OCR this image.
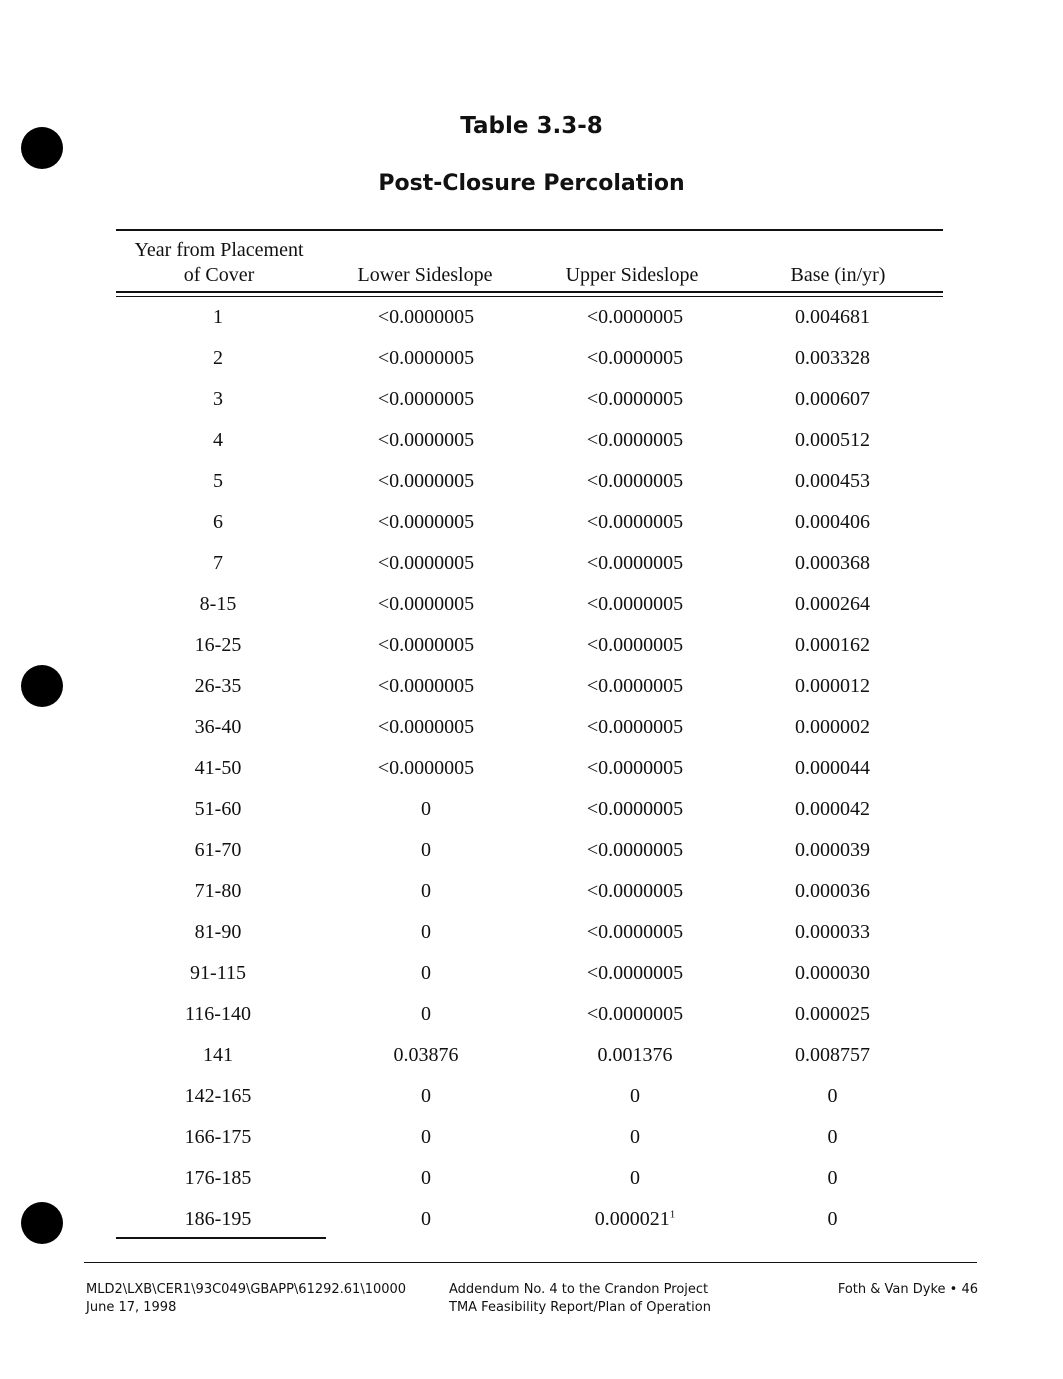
Table 3.3-8
Post-Closure Percolation
Year from Placement
of Cover	Lower Sideslope	Upper Sideslope	Base (in/yr)
1	<0.0000005	<0.0000005	0.004681
2	<0.0000005	<0.0000005	0.003328
3	<0.0000005	<0.0000005	0.000607
4	<0.0000005	<0.0000005	0.000512
5	<0.0000005	<0.0000005	0.000453
6	<0.0000005	<0.0000005	0.000406
7	<0.0000005	<0.0000005	0.000368
8-15	<0.0000005	<0.0000005	0.000264
16-25	<0.0000005	<0.0000005	0.000162
26-35	<0.0000005	<0.0000005	0.000012
36-40	<0.0000005	<0.0000005	0.000002
41-50	<0.0000005	<0.0000005	0.000044
51-60	0	<0.0000005	0.000042
61-70	0	<0.0000005	0.000039
71-80	0	<0.0000005	0.000036
81-90	0	<0.0000005	0.000033
91-115	0	<0.0000005	0.000030
116-140	0	<0.0000005	0.000025
141	0.03876	0.001376	0.008757
142-165	0	0	0
166-175	0	0	0
176-185	0	0	0
186-195	0	0.000021$^1$	0
MLD2\LXB\CER1\93C049\GBAPP\61292.61\10000
June 17, 1998
Addendum No. 4 to the Crandon Project
TMA Feasibility Report/Plan of Operation
Foth & Van Dyke • 46
